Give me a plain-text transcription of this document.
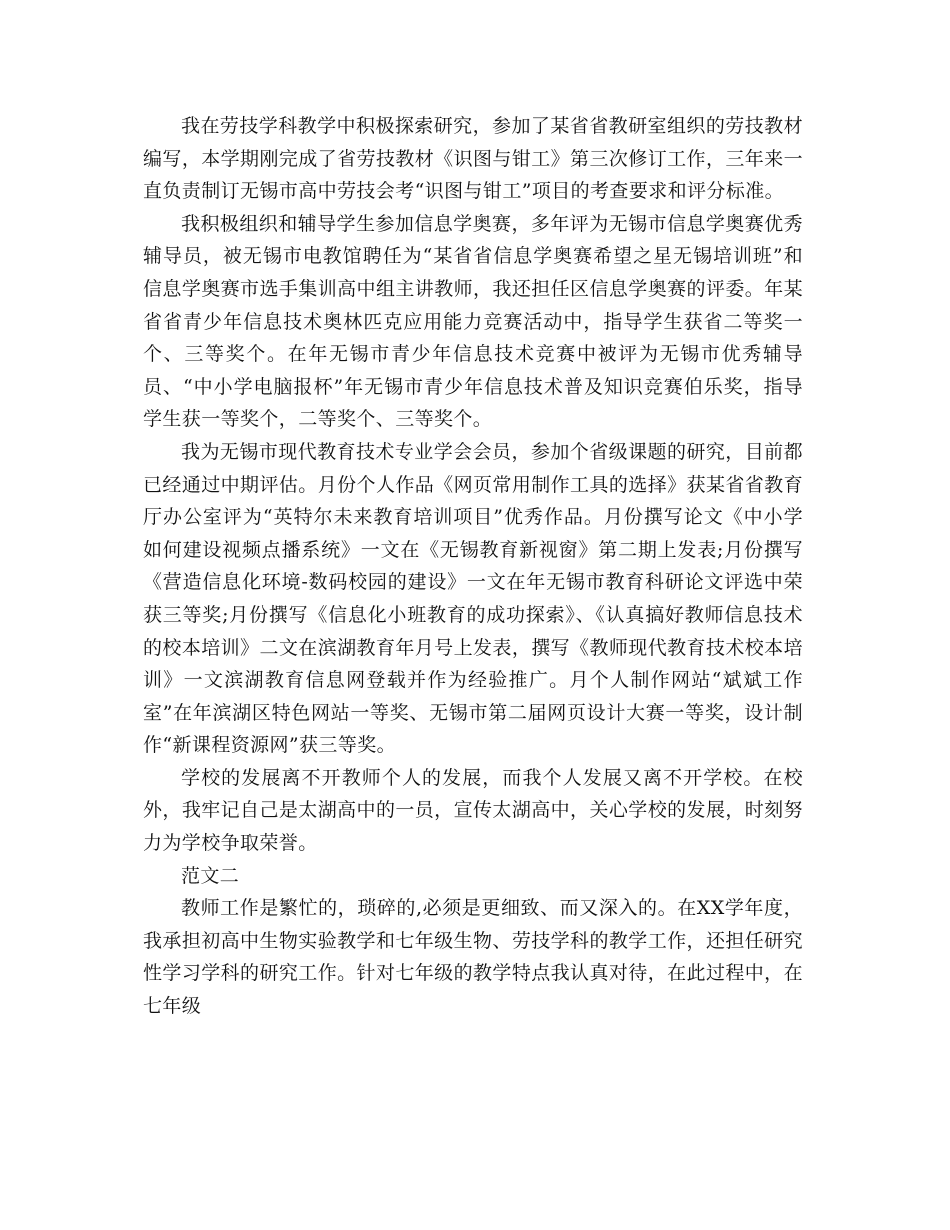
我在劳技学科教学中积极探索研究，参加了某省省教研室组织的劳技教材编写，本学期刚完成了省劳技教材《识图与钳工》第三次修订工作，三年来一直负责制订无锡市高中劳技会考“识图与钳工”项目的考查要求和评分标准。

我积极组织和辅导学生参加信息学奥赛，多年评为无锡市信息学奥赛优秀辅导员，被无锡市电教馆聘任为“某省省信息学奥赛希望之星无锡培训班”和信息学奥赛市选手集训高中组主讲教师，我还担任区信息学奥赛的评委。年某省省青少年信息技术奥林匹克应用能力竞赛活动中，指导学生获省二等奖一个、三等奖个。在年无锡市青少年信息技术竞赛中被评为无锡市优秀辅导员、“中小学电脑报杯”年无锡市青少年信息技术普及知识竞赛伯乐奖，指导学生获一等奖个，二等奖个、三等奖个。

我为无锡市现代教育技术专业学会会员，参加个省级课题的研究，目前都已经通过中期评估。月份个人作品《网页常用制作工具的选择》获某省省教育厅办公室评为“英特尔未来教育培训项目”优秀作品。月份撰写论文《中小学如何建设视频点播系统》一文在《无锡教育新视窗》第二期上发表;月份撰写《营造信息化环境-数码校园的建设》一文在年无锡市教育科研论文评选中荣获三等奖;月份撰写《信息化小班教育的成功探索》、《认真搞好教师信息技术的校本培训》二文在滨湖教育年月号上发表，撰写《教师现代教育技术校本培训》一文滨湖教育信息网登载并作为经验推广。月个人制作网站“斌斌工作室”在年滨湖区特色网站一等奖、无锡市第二届网页设计大赛一等奖，设计制作“新课程资源网”获三等奖。

学校的发展离不开教师个人的发展，而我个人发展又离不开学校。在校外，我牢记自己是太湖高中的一员，宣传太湖高中，关心学校的发展，时刻努力为学校争取荣誉。

范文二

教师工作是繁忙的，琐碎的,必须是更细致、而又深入的。在XX学年度，我承担初高中生物实验教学和七年级生物、劳技学科的教学工作，还担任研究性学习学科的研究工作。针对七年级的教学特点我认真对待，在此过程中，在七年级
